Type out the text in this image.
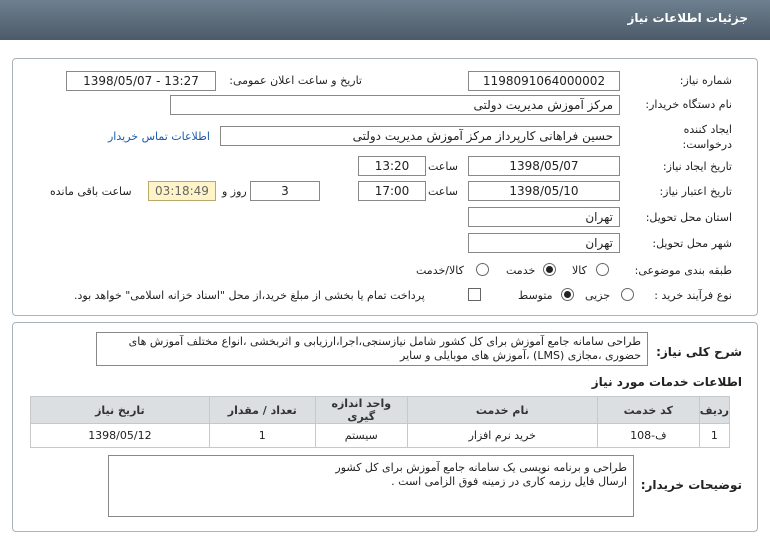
جزئیات اطلاعات نیاز
شماره نیاز:
1198091064000002
تاریخ و ساعت اعلان عمومی:
1398/05/07 - 13:27
نام دستگاه خریدار:
مرکز آموزش مدیریت دولتی
ایجاد کننده
درخواست:
حسین فراهانی کارپرداز مرکز آموزش مدیریت دولتی
اطلاعات تماس خریدار
تاریخ ایجاد نیاز:
1398/05/07
ساعت
13:20
تاریخ اعتبار نیاز:
1398/05/10
ساعت
17:00
3
روز و
03:18:49
ساعت باقی مانده
استان محل تحویل:
تهران
شهر محل تحویل:
تهران
طبقه بندی موضوعی:
کالا
خدمت
کالا/خدمت
نوع فرآیند خرید :
جزیی
متوسط
پرداخت تمام یا بخشی از مبلغ خرید،از محل "اسناد خزانه اسلامی" خواهد بود.
شرح کلی نیاز:
طراحی سامانه جامع آموزش برای کل کشور شامل نیازسنجی،اجرا،ارزیابی و اثربخشی ،انواع مختلف آموزش های حضوری ،مجازی (LMS) ،آموزش های موبایلی و سایر
اطلاعات خدمات مورد نیاز
ردیف	کد خدمت	نام خدمت	واحد اندازه گیری	تعداد / مقدار	تاریخ نیاز
1	ف-108	خرید نرم افزار	سیستم	1	1398/05/12
توضیحات خریدار:
طراحی و برنامه نویسی یک سامانه جامع آموزش برای کل کشور
ارسال فایل رزمه کاری در زمینه فوق الزامی است .
